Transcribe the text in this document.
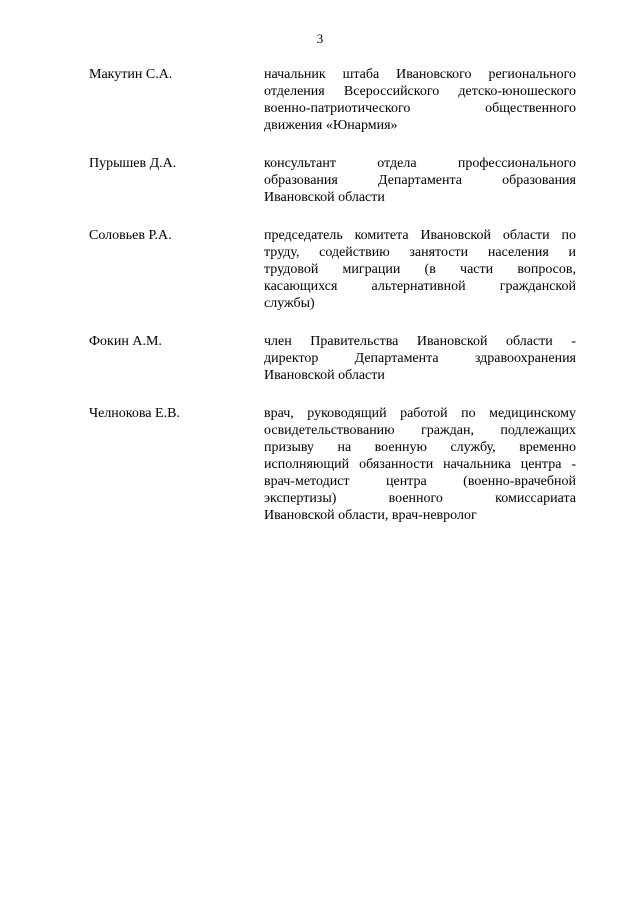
3
Макутин С.А.	начальник штаба Ивановского регионального
отделения Всероссийского детско-юношеского
военно-патриотического общественного
движения «Юнармия»
Пурышев Д.А.	консультант отдела профессионального
образования Департамента образования
Ивановской области
Соловьев Р.А.	председатель комитета Ивановской области по
труду, содействию занятости населения и
трудовой миграции (в части вопросов,
касающихся альтернативной гражданской
службы)
Фокин А.М.	член Правительства Ивановской области -
директор Департамента здравоохранения
Ивановской области
Челнокова Е.В.	врач, руководящий работой по медицинскому
освидетельствованию граждан, подлежащих
призыву на военную службу, временно
исполняющий обязанности начальника центра -
врач-методист центра (военно-врачебной
экспертизы) военного комиссариата
Ивановской области, врач-невролог
